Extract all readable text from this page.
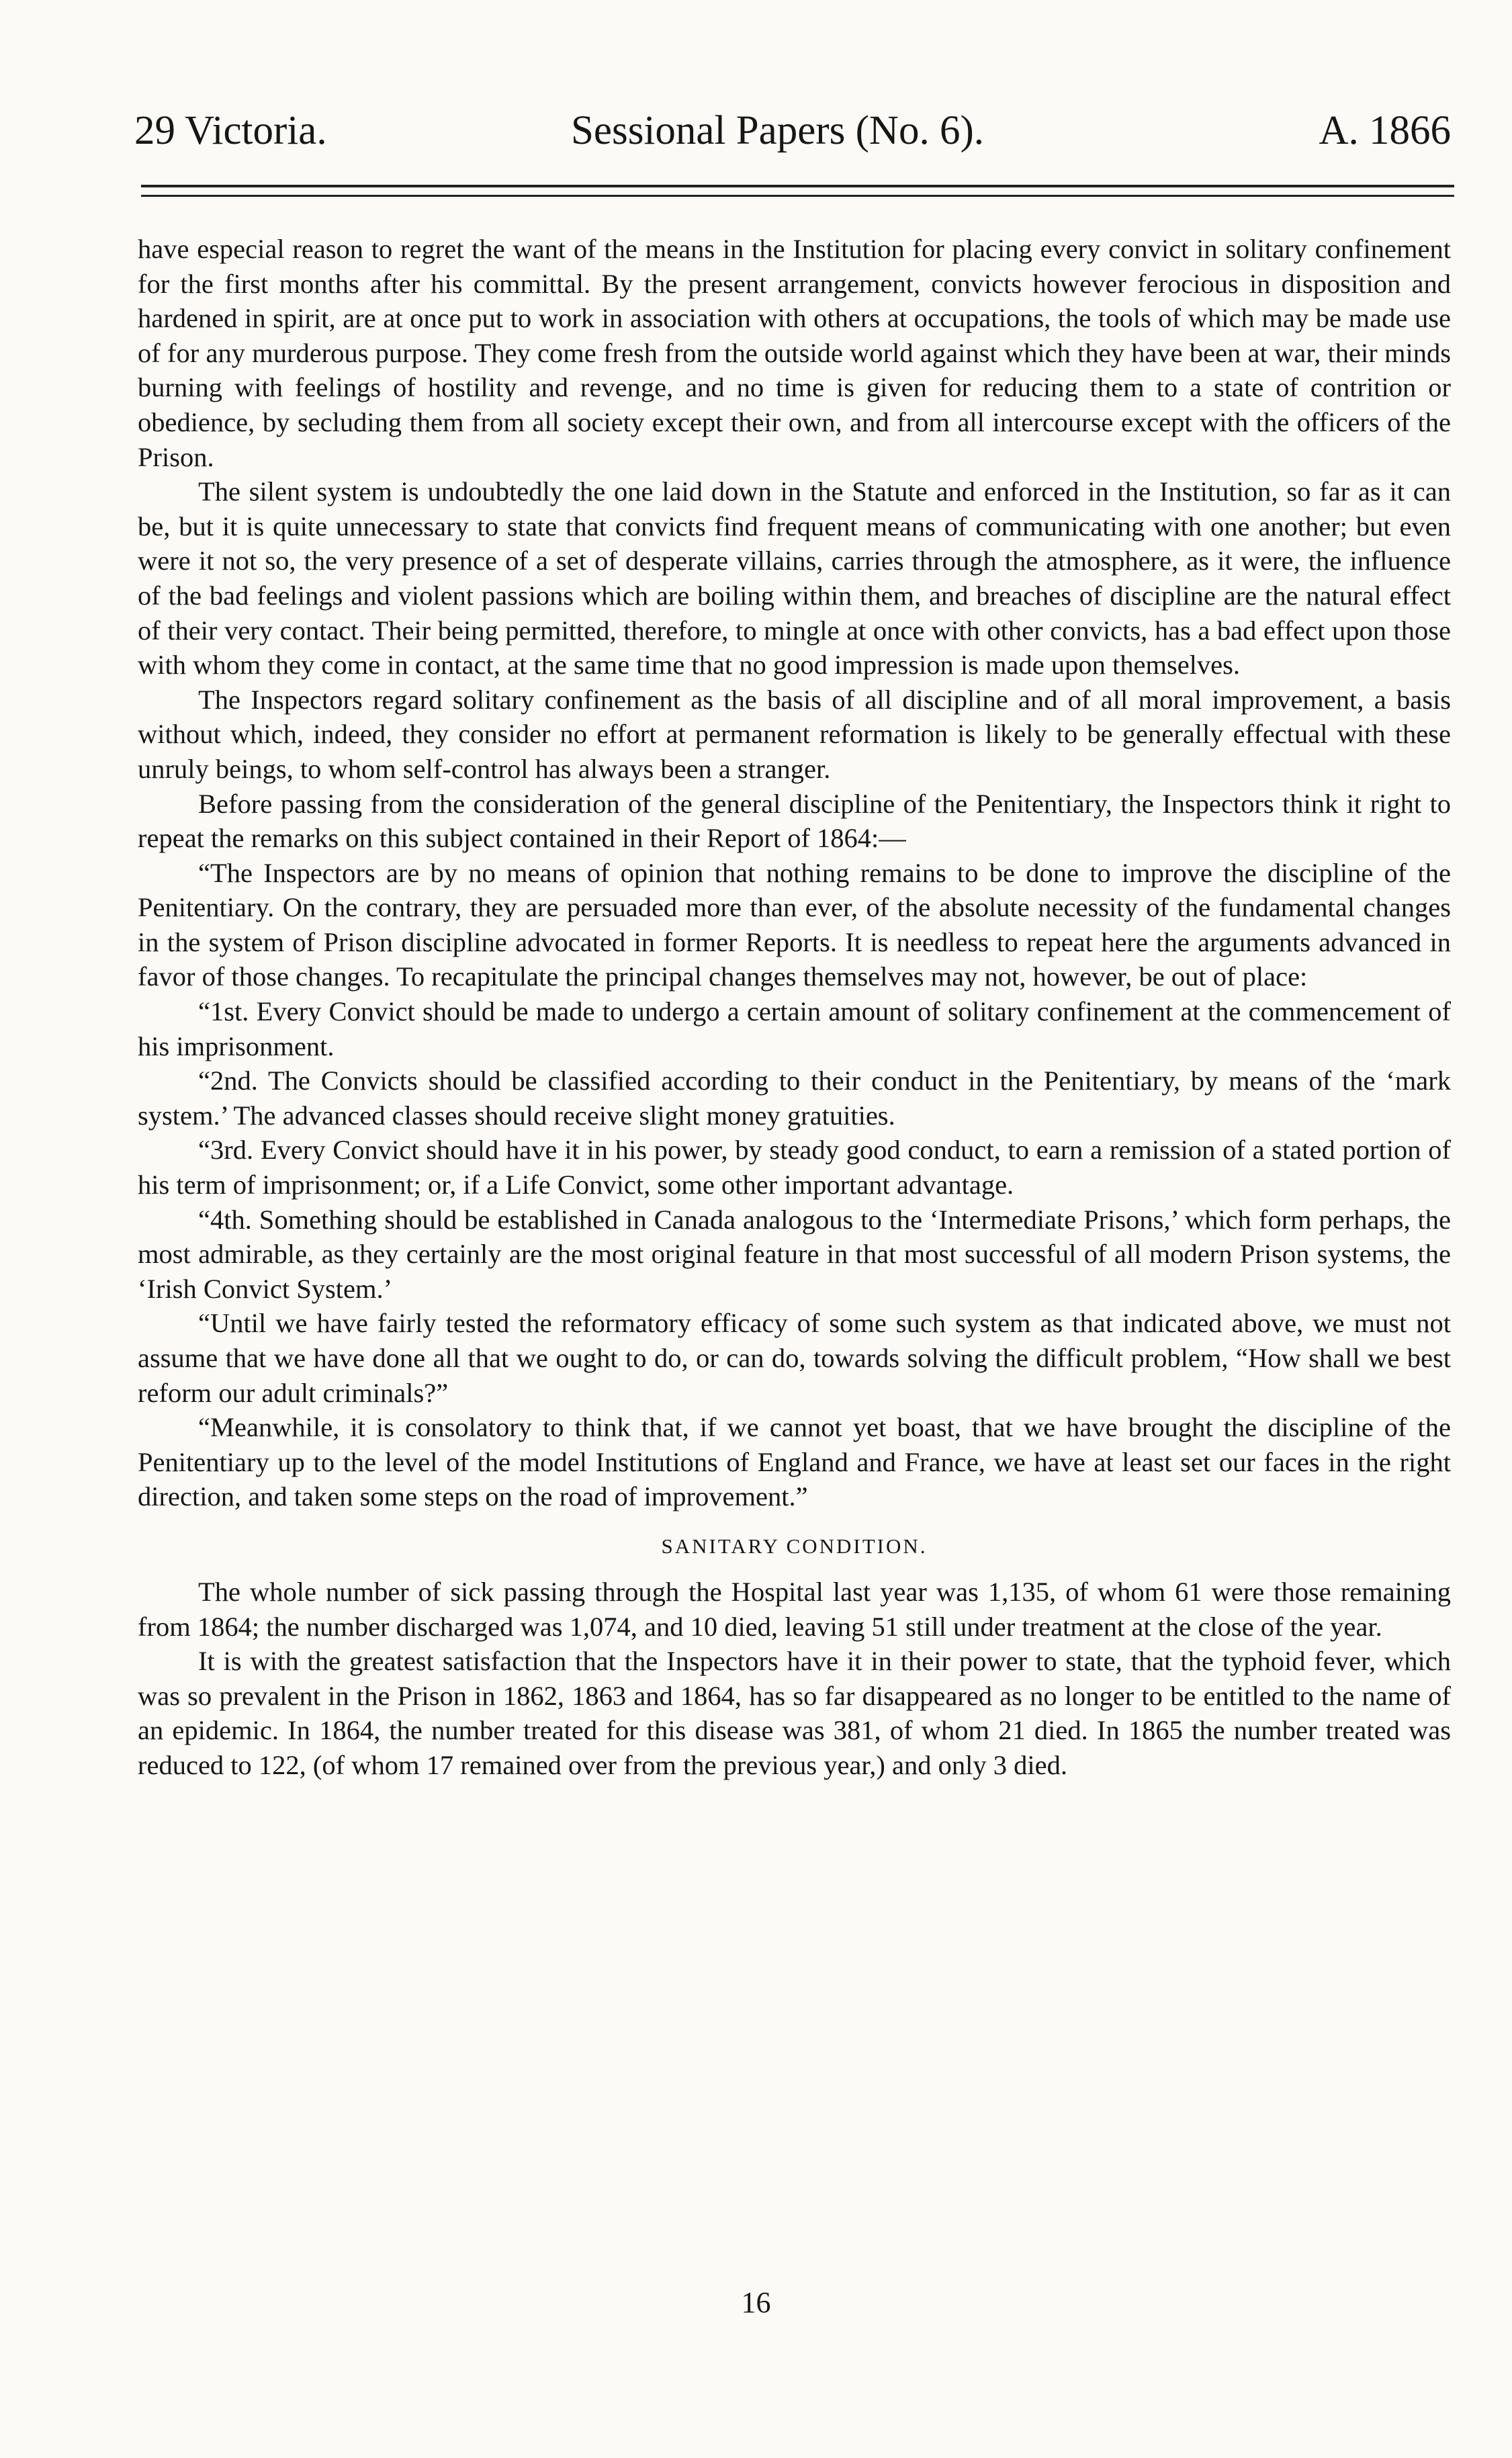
29 Victoria.	Sessional Papers (No. 6).	A. 1866

have especial reason to regret the want of the means in the Institution for placing every convict in solitary confinement for the first months after his committal. By the present arrangement, convicts however ferocious in disposition and hardened in spirit, are at once put to work in association with others at occupations, the tools of which may be made use of for any murderous purpose. They come fresh from the outside world against which they have been at war, their minds burning with feelings of hostility and revenge, and no time is given for reducing them to a state of contrition or obedience, by secluding them from all society except their own, and from all intercourse except with the officers of the Prison.

The silent system is undoubtedly the one laid down in the Statute and enforced in the Institution, so far as it can be, but it is quite unnecessary to state that convicts find frequent means of communicating with one another; but even were it not so, the very presence of a set of desperate villains, carries through the atmosphere, as it were, the influence of the bad feelings and violent passions which are boiling within them, and breaches of discipline are the natural effect of their very contact. Their being permitted, therefore, to mingle at once with other convicts, has a bad effect upon those with whom they come in contact, at the same time that no good impression is made upon themselves.

The Inspectors regard solitary confinement as the basis of all discipline and of all moral improvement, a basis without which, indeed, they consider no effort at permanent reformation is likely to be generally effectual with these unruly beings, to whom self-control has always been a stranger.

Before passing from the consideration of the general discipline of the Penitentiary, the Inspectors think it right to repeat the remarks on this subject contained in their Report of 1864:—

“The Inspectors are by no means of opinion that nothing remains to be done to improve the discipline of the Penitentiary. On the contrary, they are persuaded more than ever, of the absolute necessity of the fundamental changes in the system of Prison discipline advocated in former Reports. It is needless to repeat here the arguments advanced in favor of those changes. To recapitulate the principal changes themselves may not, however, be out of place:

“1st. Every Convict should be made to undergo a certain amount of solitary confinement at the commencement of his imprisonment.

“2nd. The Convicts should be classified according to their conduct in the Penitentiary, by means of the ‘mark system.’ The advanced classes should receive slight money gratuities.

“3rd. Every Convict should have it in his power, by steady good conduct, to earn a remission of a stated portion of his term of imprisonment; or, if a Life Convict, some other important advantage.

“4th. Something should be established in Canada analogous to the ‘Intermediate Prisons,’ which form perhaps, the most admirable, as they certainly are the most original feature in that most successful of all modern Prison systems, the ‘Irish Convict System.’

“Until we have fairly tested the reformatory efficacy of some such system as that indicated above, we must not assume that we have done all that we ought to do, or can do, towards solving the difficult problem, “How shall we best reform our adult criminals?”

“Meanwhile, it is consolatory to think that, if we cannot yet boast, that we have brought the discipline of the Penitentiary up to the level of the model Institutions of England and France, we have at least set our faces in the right direction, and taken some steps on the road of improvement.”

SANITARY CONDITION.

The whole number of sick passing through the Hospital last year was 1,135, of whom 61 were those remaining from 1864; the number discharged was 1,074, and 10 died, leaving 51 still under treatment at the close of the year.

It is with the greatest satisfaction that the Inspectors have it in their power to state, that the typhoid fever, which was so prevalent in the Prison in 1862, 1863 and 1864, has so far disappeared as no longer to be entitled to the name of an epidemic. In 1864, the number treated for this disease was 381, of whom 21 died. In 1865 the number treated was reduced to 122, (of whom 17 remained over from the previous year,) and only 3 died.

16
